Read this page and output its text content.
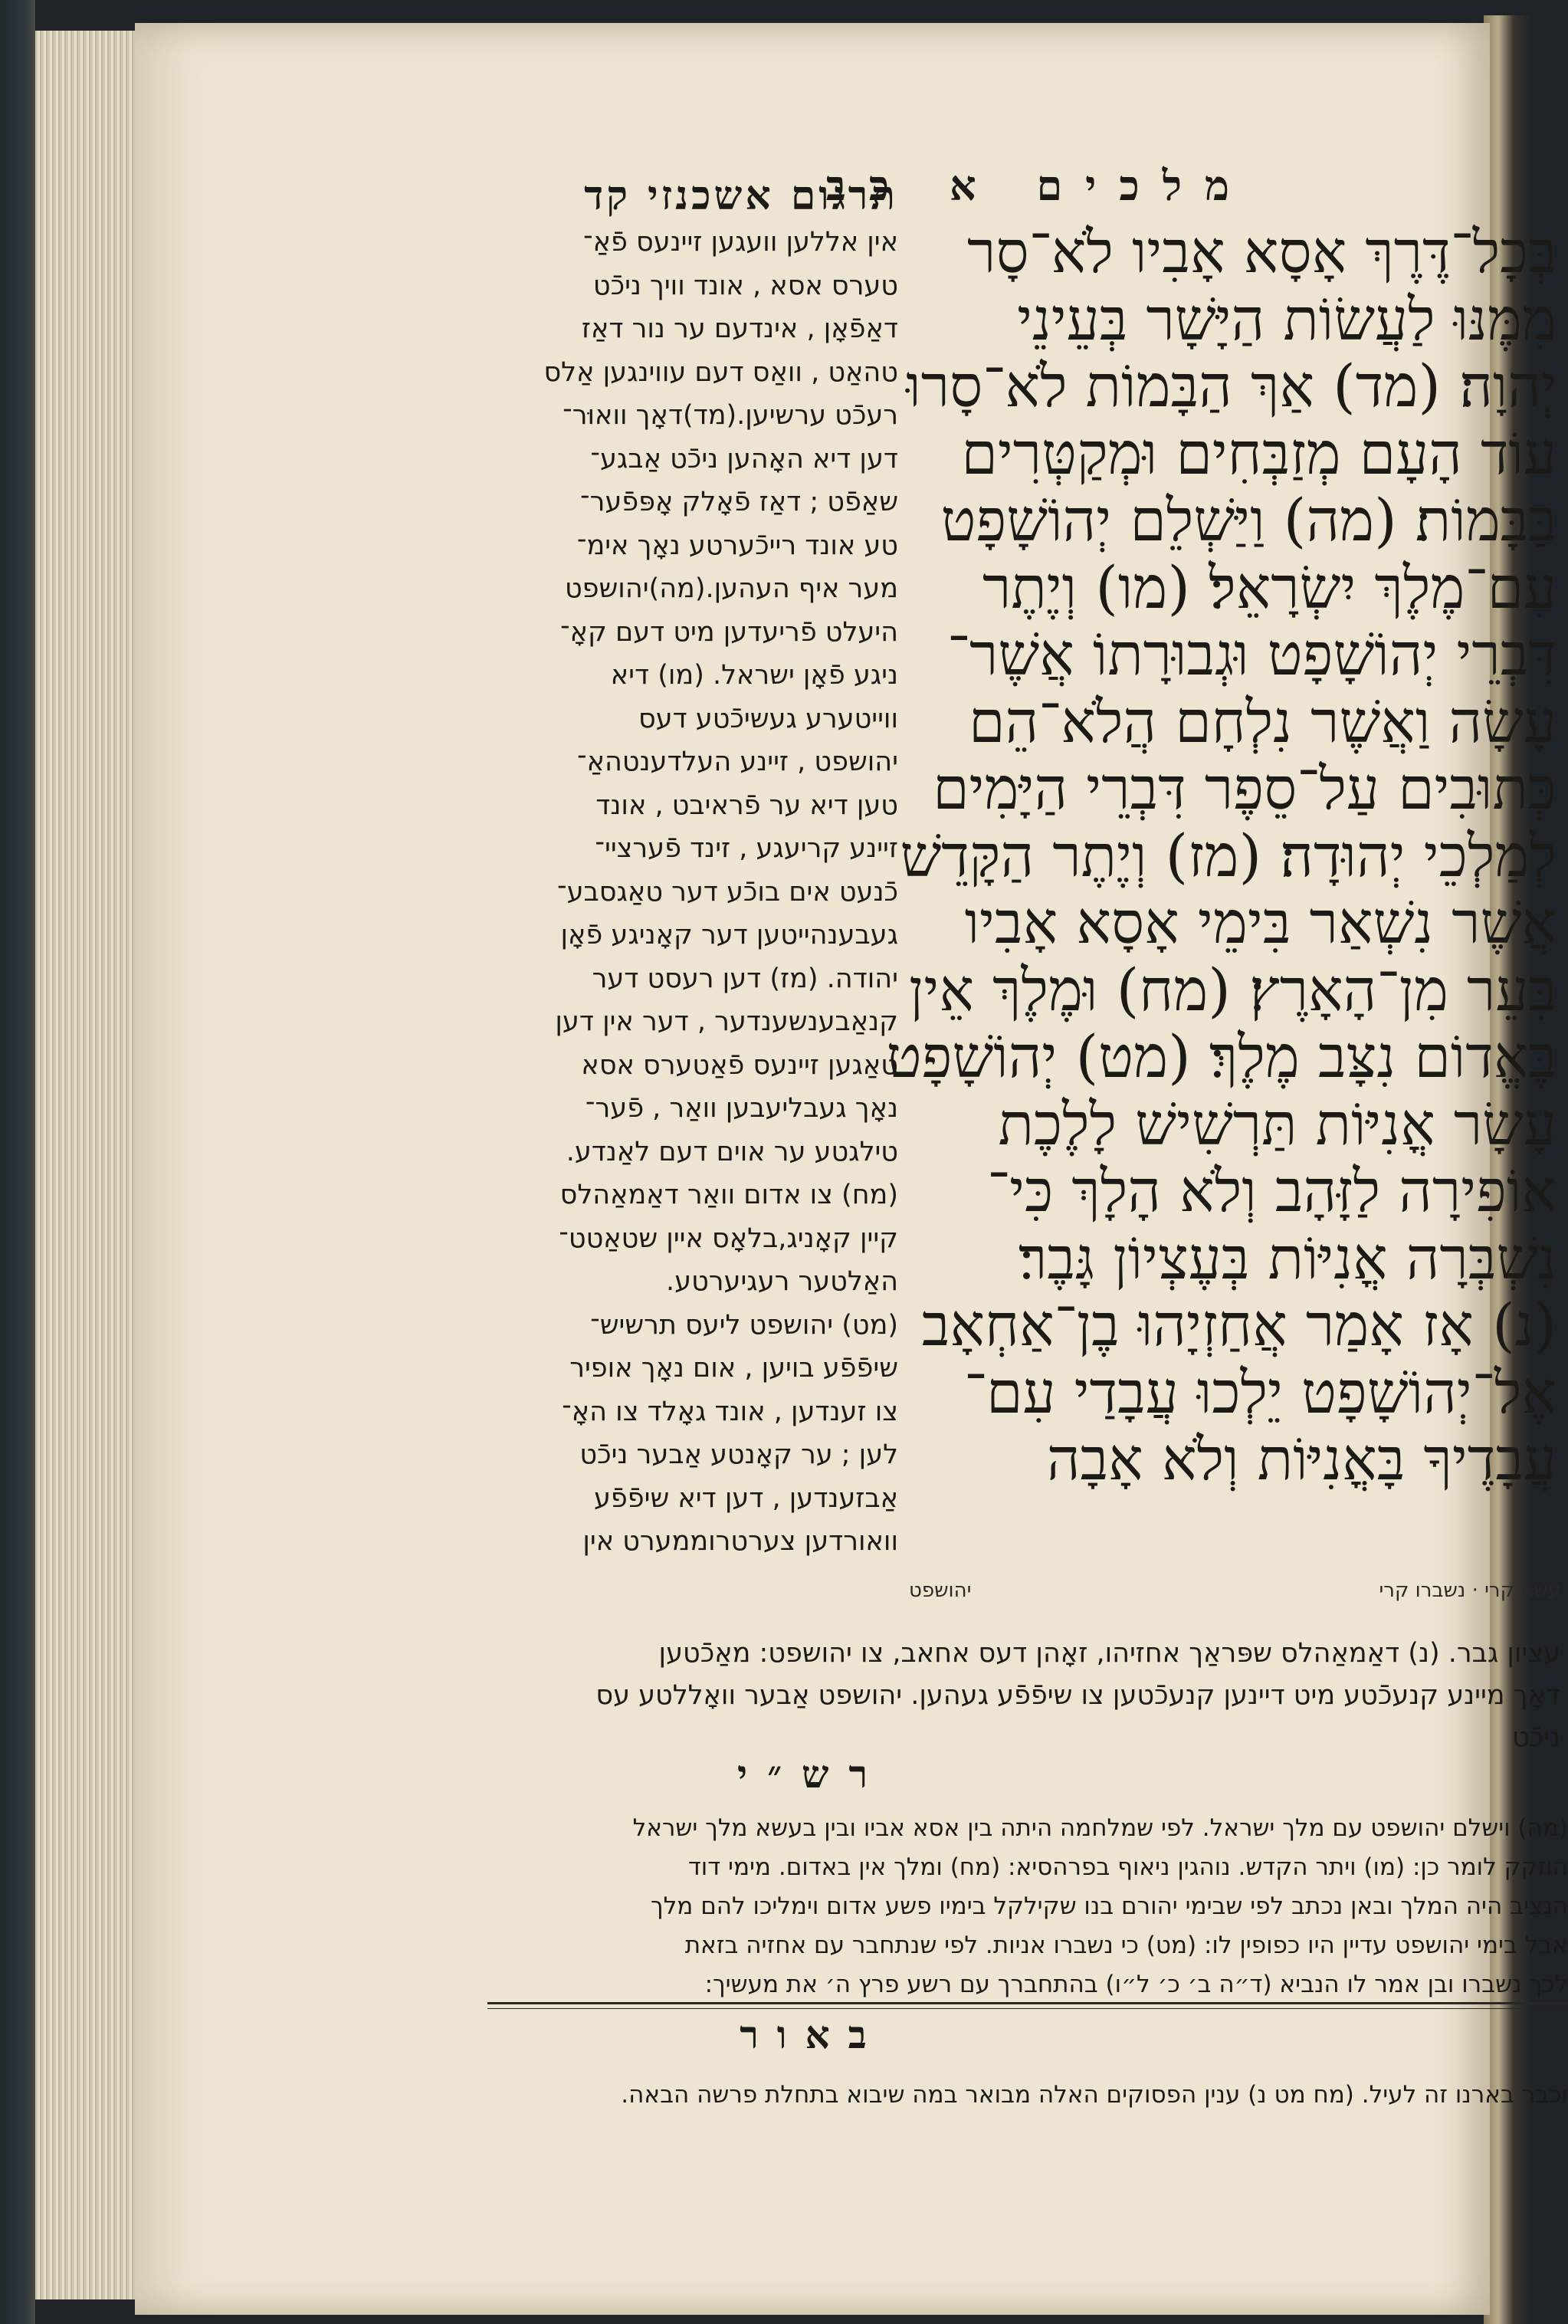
מלכים א כב
תרגום אשכנזי קד
בְּכָל־דֶּרֶךְ אָסָא אָבִיו לֹא־סָר
מִמֶּנּוּ לַעֲשׂוֹת הַיָּשָׁר בְּעֵינֵי
יְהוָה׃ (מד) אַךְ הַבָּמוֹת לֹא־סָרוּ
עוֹד הָעָם מְזַבְּחִים וּמְקַטְּרִים
בַּבָּמוֹת׃ (מה) וַיַּשְׁלֵם יְהוֹשָׁפָט
עִם־מֶלֶךְ יִשְׂרָאֵל׃ (מו) וְיֶתֶר
דִּבְרֵי יְהוֹשָׁפָט וּגְבוּרָתוֹ אֲשֶׁר־
עָשָׂה וַאֲשֶׁר נִלְחָם הֲלֹא־הֵם
כְּתוּבִים עַל־סֵפֶר דִּבְרֵי הַיָּמִים
לְמַלְכֵי יְהוּדָה׃ (מז) וְיֶתֶר הַקָּדֵשׁ
אֲשֶׁר נִשְׁאַר בִּימֵי אָסָא אָבִיו
בִּעֵר מִן־הָאָרֶץ׃ (מח) וּמֶלֶךְ אֵין
בֶּאֱדוֹם נִצָּב מֶלֶךְ׃ (מט) יְהוֹשָׁפָט
עָשָׂר אֳנִיּוֹת תַּרְשִׁישׁ לָלֶכֶת
אוֹפִירָה לַזָּהָב וְלֹא הָלָךְ כִּי־
נִשְׁבְּרָה אֳנִיּוֹת בְּעֶצְיוֹן גָּבֶר׃
(נ) אָז אָמַר אֲחַזְיָהוּ בֶן־אַחְאָב
אֶל־יְהוֹשָׁפָט יֵלְכוּ עֲבָדַי עִם־
עֲבָדֶיךָ בָּאֳנִיּוֹת וְלֹא אָבָה
עשה קרי · נשברו קרי
יהושפט
אין אללען וועגען זיינעס פֿאַ־
טערס אסא , אונד וויך ניכֿט
דאַפֿאָן , אינדעם ער נור דאַז
טהאַט , וואַס דעם עווינגען אַלס
רעכֿט ערשיען.(מד)דאָך וואוּר־
דען דיא האָהען ניכֿט אַבגע־
שאַפֿט ; דאַז פֿאָלק אָפּפֿער־
טע אונד רייכֿערטע נאָך אימ־
מער איף העהען.(מה)יהושפט
היעלט פֿריעדען מיט דעם קאָ־
ניגע פֿאָן ישראל. (מו) דיא
ווייטערע געשיכֿטע דעס
יהושפט , זיינע העלדענטהאַ־
טען דיא ער פֿראיבט , אונד
זיינע קריעגע , זינד פֿערציי־
כֿנעט אים בוכֿע דער טאַגסבע־
געבענהייטען דער קאָניגע פֿאָן
יהודה. (מז) דען רעסט דער
קנאַבענשענדער , דער אין דען
טאַגען זיינעס פֿאַטערס אסא
נאָך געבליעבען וואַר , פֿער־
טילגטע ער אוים דעם לאַנדע.
(מח) צו אדום וואַר דאַמאַהלס
קיין קאָניג,בלאָס איין שטאַטט־
האַלטער רעגיערטע.
(מט) יהושפט ליעס תרשיש־
שיפֿפֿע בויען , אום נאָך אופיר
צו זענדען , אונד גאָלד צו האָ־
לען ; ער קאָנטע אַבער ניכֿט
אַבזענדען , דען דיא שיפֿפֿע
וואורדען צערטרוממערט אין
עציון גבר. (נ) דאַמאַהלס שפּראַך אחזיהו, זאָהן דעס אחאב, צו יהושפט: מאַכֿטען
דאָך מיינע קנעכֿטע מיט דיינען קנעכֿטען צו שיפֿפֿע געהען. יהושפט אַבער וואָללטע עס
ניכֿט
רש״י
(מה) וישלם יהושפט עם מלך ישראל. לפי שמלחמה היתה בין אסא אביו ובין בעשא מלך ישראל
הוזקק לומר כן: (מו) ויתר הקדש. נוהגין ניאוף בפרהסיא: (מח) ומלך אין באדום. מימי דוד
הנציב היה המלך ובאן נכתב לפי שבימי יהורם בנו שקילקל בימיו פשע אדום וימליכו להם מלך
אבל בימי יהושפט עדיין היו כפופין לו: (מט) כי נשברו אניות. לפי שנתחבר עם אחזיה בזאת
לכך נשברו ובן אמר לו הנביא (ד״ה ב׳ כ׳ ל״ו) בהתחברך עם רשע פרץ ה׳ את מעשיך:
באור
וכבר בארנו זה לעיל. (מח מט נ) ענין הפסוקים האלה מבואר במה שיבוא בתחלת פרשה הבאה.
